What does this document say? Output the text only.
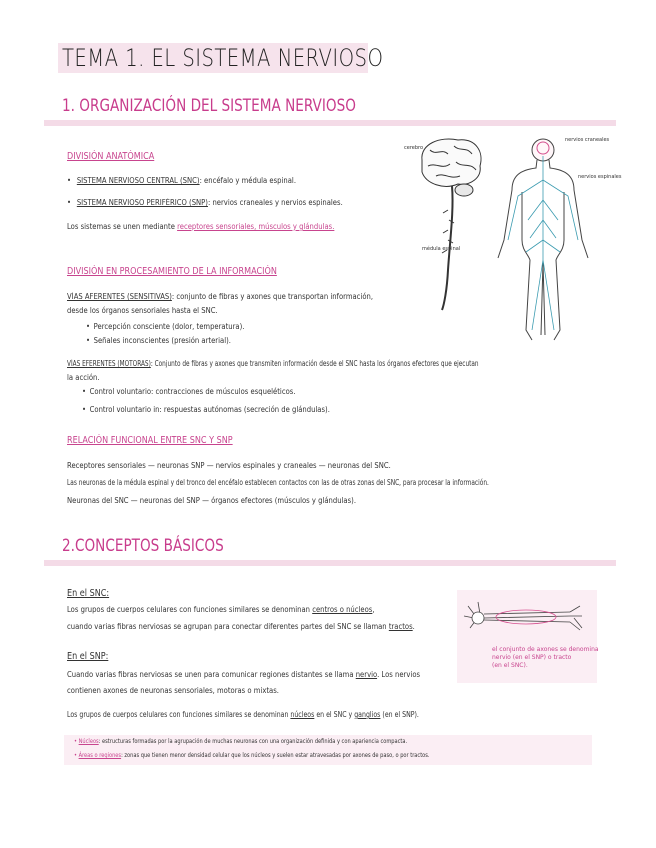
TEMA 1. EL SISTEMA NERVIOSO
1. ORGANIZACIÓN DEL SISTEMA NERVIOSO
DIVISIÓN ANATÓMICA
• SISTEMA NERVIOSO CENTRAL (SNC): encéfalo y médula espinal.
• SISTEMA NERVIOSO PERIFÉRICO (SNP): nervios craneales y nervios espinales.
Los sistemas se unen mediante receptores sensoriales, músculos y glándulas.
DIVISIÓN EN PROCESAMIENTO DE LA INFORMACIÓN
VÍAS AFERENTES (SENSITIVAS): conjunto de fibras y axones que transportan información,
desde los órganos sensoriales hasta el SNC.
• Percepción consciente (dolor, temperatura).
• Señales inconscientes (presión arterial).
VÍAS EFERENTES (MOTORAS): Conjunto de fibras y axones que transmiten información desde el SNC hasta los órganos efectores que ejecutan
la acción.
• Control voluntario: contracciones de músculos esqueléticos.
• Control voluntario in: respuestas autónomas (secreción de glándulas).
RELACIÓN FUNCIONAL ENTRE SNC Y SNP
Receptores sensoriales — neuronas SNP — nervios espinales y craneales — neuronas del SNC.
Las neuronas de la médula espinal y del tronco del encéfalo establecen contactos con las de otras zonas del SNC, para procesar la información.
Neuronas del SNC — neuronas del SNP — órganos efectores (músculos y glándulas).
cerebro
médula espinal
nervios craneales
nervios espinales
2.CONCEPTOS BÁSICOS
En el SNC:
Los grupos de cuerpos celulares con funciones similares se denominan centros o núcleos,
cuando varias fibras nerviosas se agrupan para conectar diferentes partes del SNC se llaman tractos.
En el SNP:
Cuando varias fibras nerviosas se unen para comunicar regiones distantes se llama nervio. Los nervios
contienen axones de neuronas sensoriales, motoras o mixtas.
Los grupos de cuerpos celulares con funciones similares se denominan núcleos en el SNC y ganglios (en el SNP).
el conjunto de axones se denomina
nervio (en el SNP) o tracto
(en el SNC).
• Núcleos: estructuras formadas por la agrupación de muchas neuronas con una organización definida y con apariencia compacta.
• Áreas o regiones: zonas que tienen menor densidad celular que los núcleos y suelen estar atravesadas por axones de paso, o por tractos.
